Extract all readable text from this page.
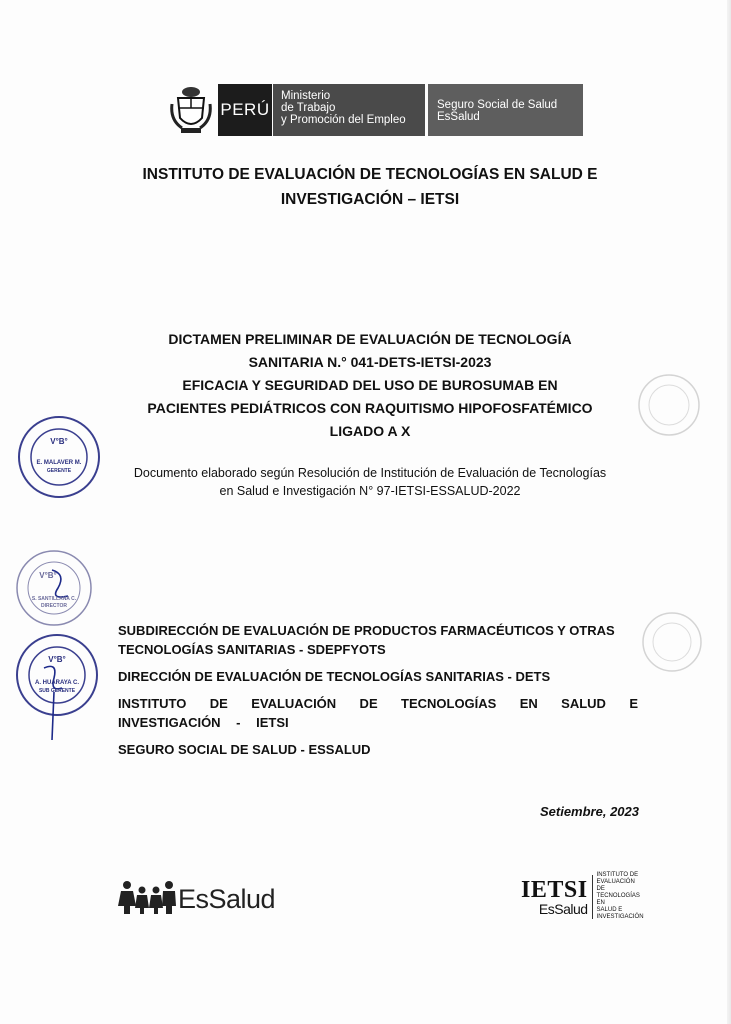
PERÚ
Ministerio
de Trabajo
y Promoción del Empleo
Seguro Social de Salud
EsSalud
INSTITUTO DE EVALUACIÓN DE TECNOLOGÍAS EN SALUD E
INVESTIGACIÓN – IETSI
DICTAMEN PRELIMINAR DE EVALUACIÓN DE TECNOLOGÍA
SANITARIA N.° 041-DETS-IETSI-2023
EFICACIA Y SEGURIDAD DEL USO DE BUROSUMAB EN
PACIENTES PEDIÁTRICOS CON RAQUITISMO HIPOFOSFATÉMICO
LIGADO A X
Documento elaborado según Resolución de Institución de Evaluación de Tecnologías
en Salud e Investigación N° 97-IETSI-ESSALUD-2022
SUBDIRECCIÓN DE EVALUACIÓN DE PRODUCTOS FARMACÉUTICOS Y OTRAS TECNOLOGÍAS SANITARIAS - SDEPFYOTS
DIRECCIÓN DE EVALUACIÓN DE TECNOLOGÍAS SANITARIAS - DETS
INSTITUTO DE EVALUACIÓN DE TECNOLOGÍAS EN SALUD E INVESTIGACIÓN - IETSI
SEGURO SOCIAL DE SALUD - ESSALUD
Setiembre, 2023
V°B°
E. MALAVER M.
GERENTE
V°B°
S. SANTILLANA C.
DIRECTOR
V°B°
A. HUARAYA C.
SUB GERENTE
EsSalud	IETSI
EsSalud
INSTITUTO DE
EVALUACIÓN DE
TECNOLOGÍAS EN
SALUD E
INVESTIGACIÓN
